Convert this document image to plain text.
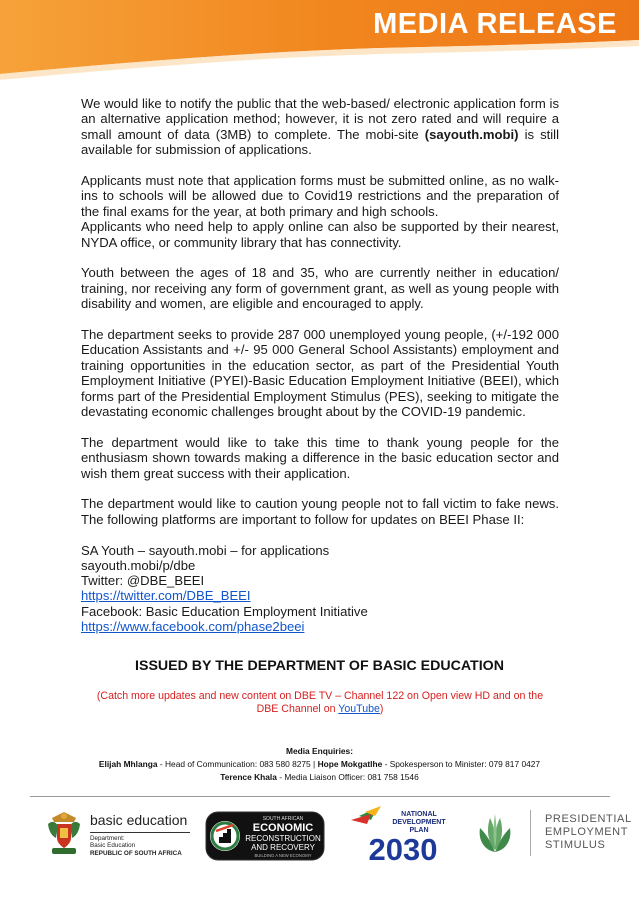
MEDIA RELEASE

We would like to notify the public that the web-based/ electronic application form is an alternative application method; however, it is not zero rated and will require a small amount of data (3MB) to complete. The mobi-site (sayouth.mobi) is still available for submission of applications.

Applicants must note that application forms must be submitted online, as no walk-ins to schools will be allowed due to Covid19 restrictions and the preparation of the final exams for the year, at both primary and high schools.

Applicants who need help to apply online can also be supported by their nearest, NYDA office, or community library that has connectivity.

Youth between the ages of 18 and 35, who are currently neither in education/ training, nor receiving any form of government grant, as well as young people with disability and women, are eligible and encouraged to apply.

The department seeks to provide 287 000 unemployed young people, (+/-192 000 Education Assistants and +/- 95 000 General School Assistants) employment and training opportunities in the education sector, as part of the Presidential Youth Employment Initiative (PYEI)-Basic Education Employment Initiative (BEEI), which forms part of the Presidential Employment Stimulus (PES), seeking to mitigate the devastating economic challenges brought about by the COVID-19 pandemic.

The department would like to take this time to thank young people for the enthusiasm shown towards making a difference in the basic education sector and wish them great success with their application.

The department would like to caution young people not to fall victim to fake news. The following platforms are important to follow for updates on BEEI Phase II:

SA Youth – sayouth.mobi – for applications
sayouth.mobi/p/dbe
Twitter: @DBE_BEEI
https://twitter.com/DBE_BEEI
Facebook: Basic Education Employment Initiative
https://www.facebook.com/phase2beei
ISSUED BY THE DEPARTMENT OF BASIC EDUCATION
(Catch more updates and new content on DBE TV – Channel 122 on Open view HD and on the DBE Channel on YouTube)
Media Enquiries:
Elijah Mhlanga - Head of Communication: 083 580 8275 | Hope Mokgatlhe - Spokesperson to Minister: 079 817 0427
Terence Khala - Media Liaison Officer: 081 758 1546
basic education
Department:
Basic Education
REPUBLIC OF SOUTH AFRICA
SOUTH AFRICAN
ECONOMIC
RECONSTRUCTION
AND RECOVERY
BUILDING A NEW ECONOMY
NATIONAL
DEVELOPMENT
PLAN
2030
PRESIDENTIAL
EMPLOYMENT
STIMULUS
